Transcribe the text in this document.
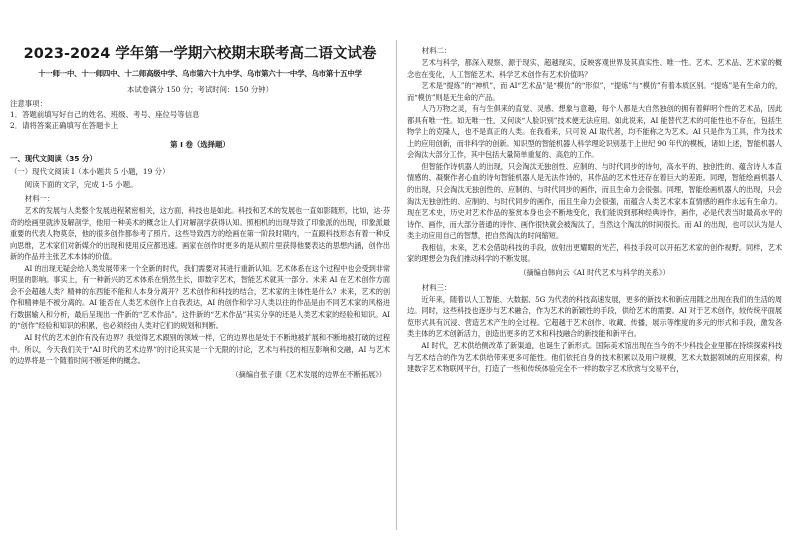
2023-2024 学年第一学期六校期末联考高二语文试卷

十一师一中、十一师四中、十二师高级中学、乌市第六十九中学、乌市第六十一中学、乌市第十五中学

本试卷满分 150 分；考试时间：150 分钟）

注意事项：

1．答题前填写好自己的姓名、班级、考号、座位号等信息

2．请将答案正确填写在答题卡上

第 I 卷（选择题）

一、现代文阅读（35 分）

（一）现代文阅读 I（本小题共 5 小题，19 分）

阅读下面的文字，完成 1-5 小题。

材料一：

艺术的发展与人类整个发展进程紧密相关，这方面，科技也是如此。科技和艺术的发展也一直如影随形，比如，达·芬奇的绘画里就涉及解剖学，他用一种美术的概念让人们对解剖学获得认知。照相机的出现导致了印象派的出现，印象派最重要的代表人物莫奈，他的很多创作都参考了照片。这些导致西方的绘画在第一阶段时期内，一直跟科技形态有着一种反向思维，艺术家们对新媒介的出现和使用反应都迅速。画家在创作时更多的是从照片里获得他要表达的思想内涵，创作出新的作品并主张艺术本体的价值。

AI 的出现无疑会给人类发展带来一个全新的时代，我们需要对其进行重新认知。艺术体系在这个过程中也会受到非常明显的影响。事实上，有一种新兴的艺术体系在悄然生长，即数字艺术，智能艺术就其一部分。未来 AI 在艺术创作方面会不会超越人类？精神的东西能不能和人本身分离开？艺术创作和科技的结合，艺术家的主体性是什么？未来，艺术的创作和精神是不被分离的。AI 能否在人类艺术创作上自我表达，AI 的创作和学习人类以往的作品是由不同艺术家的风格进行数据输入和分析，最后呈现出一件新的“艺术作品”。这件新的“艺术作品”其实分享的还是人类艺术家的经验和知识。AI 的“创作”经验和知识的积累，也必须经由人类对它们的规划和判断。

AI 时代的艺术创作有没有边界？我觉得艺术跟别的领域一样，它的边界也是处于不断地被扩展和不断地被打破的过程中。所以，今天我们关于“AI 时代的艺术边界”的讨论其实是一个无限的讨论，艺术与科技的相互影响和交融，AI 与艺术的边界将是一个随着时间不断延伸的概念。

（摘编自张子康《艺术发展的边界在不断拓展》）

材料二：

艺术与科学，都深入观察、源于现实，超越现实，反映客观世界及其真实性、唯一性。艺术、艺术品、艺术家的概念也在变化，人工智能艺术、科学艺术创作有艺术价值吗？

艺术是“提炼”的“神机”，而 AI“艺术品”是“模仿”的“形似”，“提炼”与“模仿”有着本质区别。“提炼”是有生命力的，而“模仿”则是无生命的产品。

人乃万物之灵，有与生俱来的直觉、灵感、想象与意趣，每个人都是大自然独创的拥有着鲜明个性的艺术品，因此都具有唯一性。如无唯一性，又何谈“人脸识别”技术便无法应用。如此说来，AI 能替代艺术的可能性也不存在，包括生物学上的克隆人，也不是真正的人类。在我看来，只可说 AI 取代者，均不能称之为艺术。AI 只是作为工具，作为技术上的应用创新，而非科学的创新。知识型的智能机器人科学理论识别基于上世纪 90 年代的模板，诸如上述，智能机器人会淘汰大部分工作，其中包括大量简单重复的、高危的工作。

但智能作诗机器人的出现，只会淘汰无独创性、应制的、与时代同步的诗句，高水平的、独创性的、蕴含诗人本直情感的、凝聚作者心血的诗句智能机器人是无法作诗的，其作品的艺术性还存在着巨大的差距。同理，智能绘画机器人的出现，只会淘汰无独创性的、应制的、与时代同步的画作，而且生命力会很强。同理，智能绘画机器人的出现，只会淘汰无独创性的、应制的、与时代同步的画作，而且生命力会很强，而蕴含人类艺术家本直情感的画作永远有生命力。现在艺术史，历史对艺术作品的鉴赏本身也会不断地变化，我们能说到那种经典诗作，画作，必是代表当时最高水平的诗作、画作，而大部分普通的诗作、画作很快就会被淘汰了，当然这个淘汰的时间很长。而 AI 的出现，也可以认为是人类主动应用自己的智慧，把自然淘汰的时间缩短。

我相信，未来，艺术会借助科技的手段，放射出更耀眼的光芒，科技手段可以开拓艺术家的创作视野。同样，艺术家的理想会为我们推动科学的不断发展。

（摘编自韩向云《AI 时代艺术与科学的关系》）

材料三：

近年来，随着以人工智能、大数据、5G 为代表的科技高速发展，更多的新技术和新应用随之出现在我们的生活的周边。同时，这些科技也逐步与艺术融合，作为艺术的新颖性的手段，供给艺术的需要。AI 对于艺术创作，较传统平面展览形式具有沉浸、营造艺术产生的全过程。它超越于艺术创作、收藏、传播，展示等维度的多元的形式和手段，激发各类主体的艺术创新活力，创造出更多的艺术和科技融合的新技能和新平台。

AI 时代，艺术供给侧改革了新渠道，也诞生了新形式。国际美术馆出现在当今的不少科技企业里都在持续探索科技与艺术结合的作为艺术供给带来更多可能性。他们依托自身的技术积累以及用户规模，艺术大数据领域的应用探索，构建数字艺术物联网平台，打造了一些和传统体验完全不一样的数字艺术欣赏与交易平台，
